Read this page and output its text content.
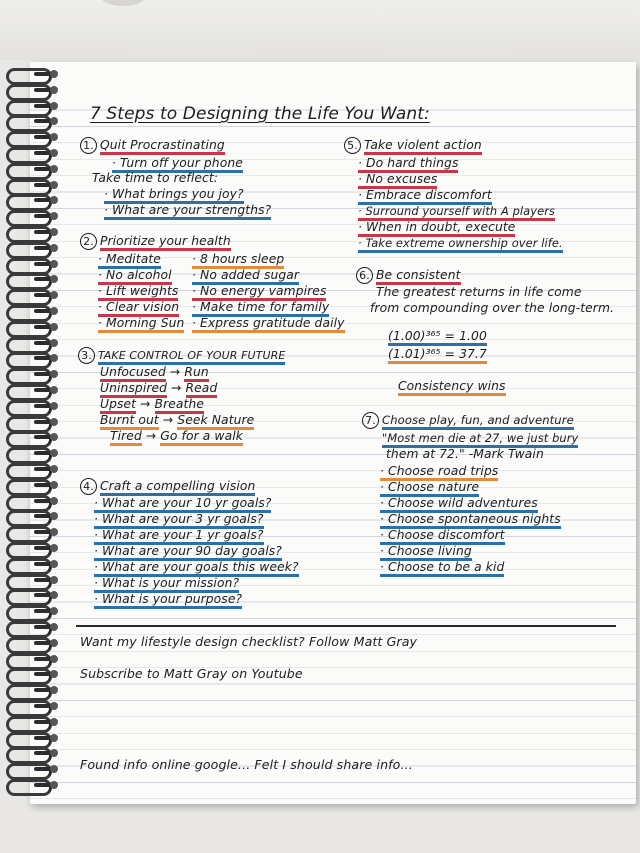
7 Steps to Designing the Life You Want:
1. Quit Procrastinating
· Turn off your phone
Take time to reflect:
· What brings you joy?
· What are your strengths?
2. Prioritize your health
· Meditate
· No alcohol
· Lift weights
· Clear vision
· Morning Sun
· 8 hours sleep
· No added sugar
· No energy vampires
· Make time for family
· Express gratitude daily
3. TAKE CONTROL OF YOUR FUTURE
Unfocused → Run
Uninspired → Read
Upset → Breathe
Burnt out → Seek Nature
Tired → Go for a walk
4. Craft a compelling vision
· What are your 10 yr goals?
· What are your 3 yr goals?
· What are your 1 yr goals?
· What are your 90 day goals?
· What are your goals this week?
· What is your mission?
· What is your purpose?
5. Take violent action
· Do hard things
· No excuses
· Embrace discomfort
· Surround yourself with A players
· When in doubt, execute
· Take extreme ownership over life.
6. Be consistent
The greatest returns in life come
from compounding over the long-term.
(1.00)³⁶⁵ = 1.00
(1.01)³⁶⁵ = 37.7
Consistency wins
7. Choose play, fun, and adventure
"Most men die at 27, we just bury
them at 72." -Mark Twain
· Choose road trips
· Choose nature
· Choose wild adventures
· Choose spontaneous nights
· Choose discomfort
· Choose living
· Choose to be a kid
Want my lifestyle design checklist? Follow Matt Gray
Subscribe to Matt Gray on Youtube
Found info online google... Felt I should share info...
